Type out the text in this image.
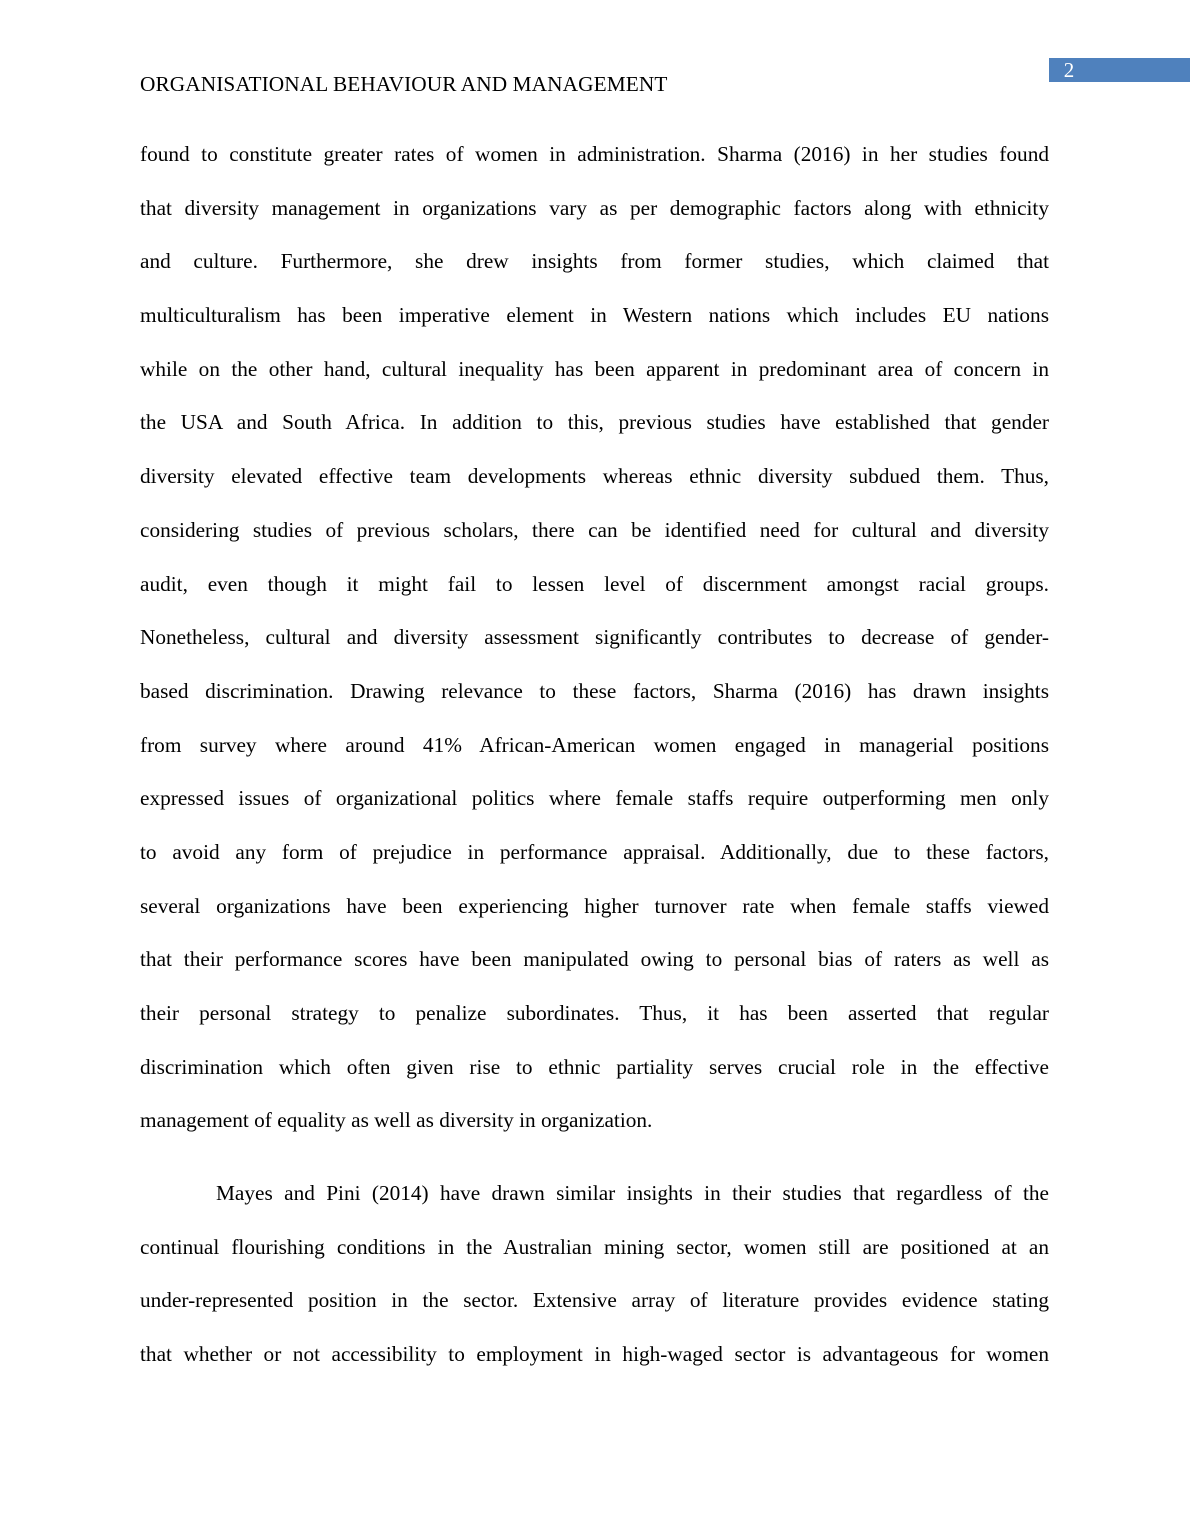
2
ORGANISATIONAL BEHAVIOUR AND MANAGEMENT
found to constitute greater rates of women in administration. Sharma (2016) in her studies found
that diversity management in organizations vary as per demographic factors along with ethnicity
and culture. Furthermore, she drew insights from former studies, which claimed that
multiculturalism has been imperative element in Western nations which includes EU nations
while on the other hand, cultural inequality has been apparent in predominant area of concern in
the USA and South Africa. In addition to this, previous studies have established that gender
diversity elevated effective team developments whereas ethnic diversity subdued them. Thus,
considering studies of previous scholars, there can be identified need for cultural and diversity
audit, even though it might fail to lessen level of discernment amongst racial groups.
Nonetheless, cultural and diversity assessment significantly contributes to decrease of gender-
based discrimination. Drawing relevance to these factors, Sharma (2016) has drawn insights
from survey where around 41% African-American women engaged in managerial positions
expressed issues of organizational politics where female staffs require outperforming men only
to avoid any form of prejudice in performance appraisal. Additionally, due to these factors,
several organizations have been experiencing higher turnover rate when female staffs viewed
that their performance scores have been manipulated owing to personal bias of raters as well as
their personal strategy to penalize subordinates. Thus, it has been asserted that regular
discrimination which often given rise to ethnic partiality serves crucial role in the effective
management of equality as well as diversity in organization.
Mayes and Pini (2014) have drawn similar insights in their studies that regardless of the
continual flourishing conditions in the Australian mining sector, women still are positioned at an
under-represented position in the sector. Extensive array of literature provides evidence stating
that whether or not accessibility to employment in high-waged sector is advantageous for women
